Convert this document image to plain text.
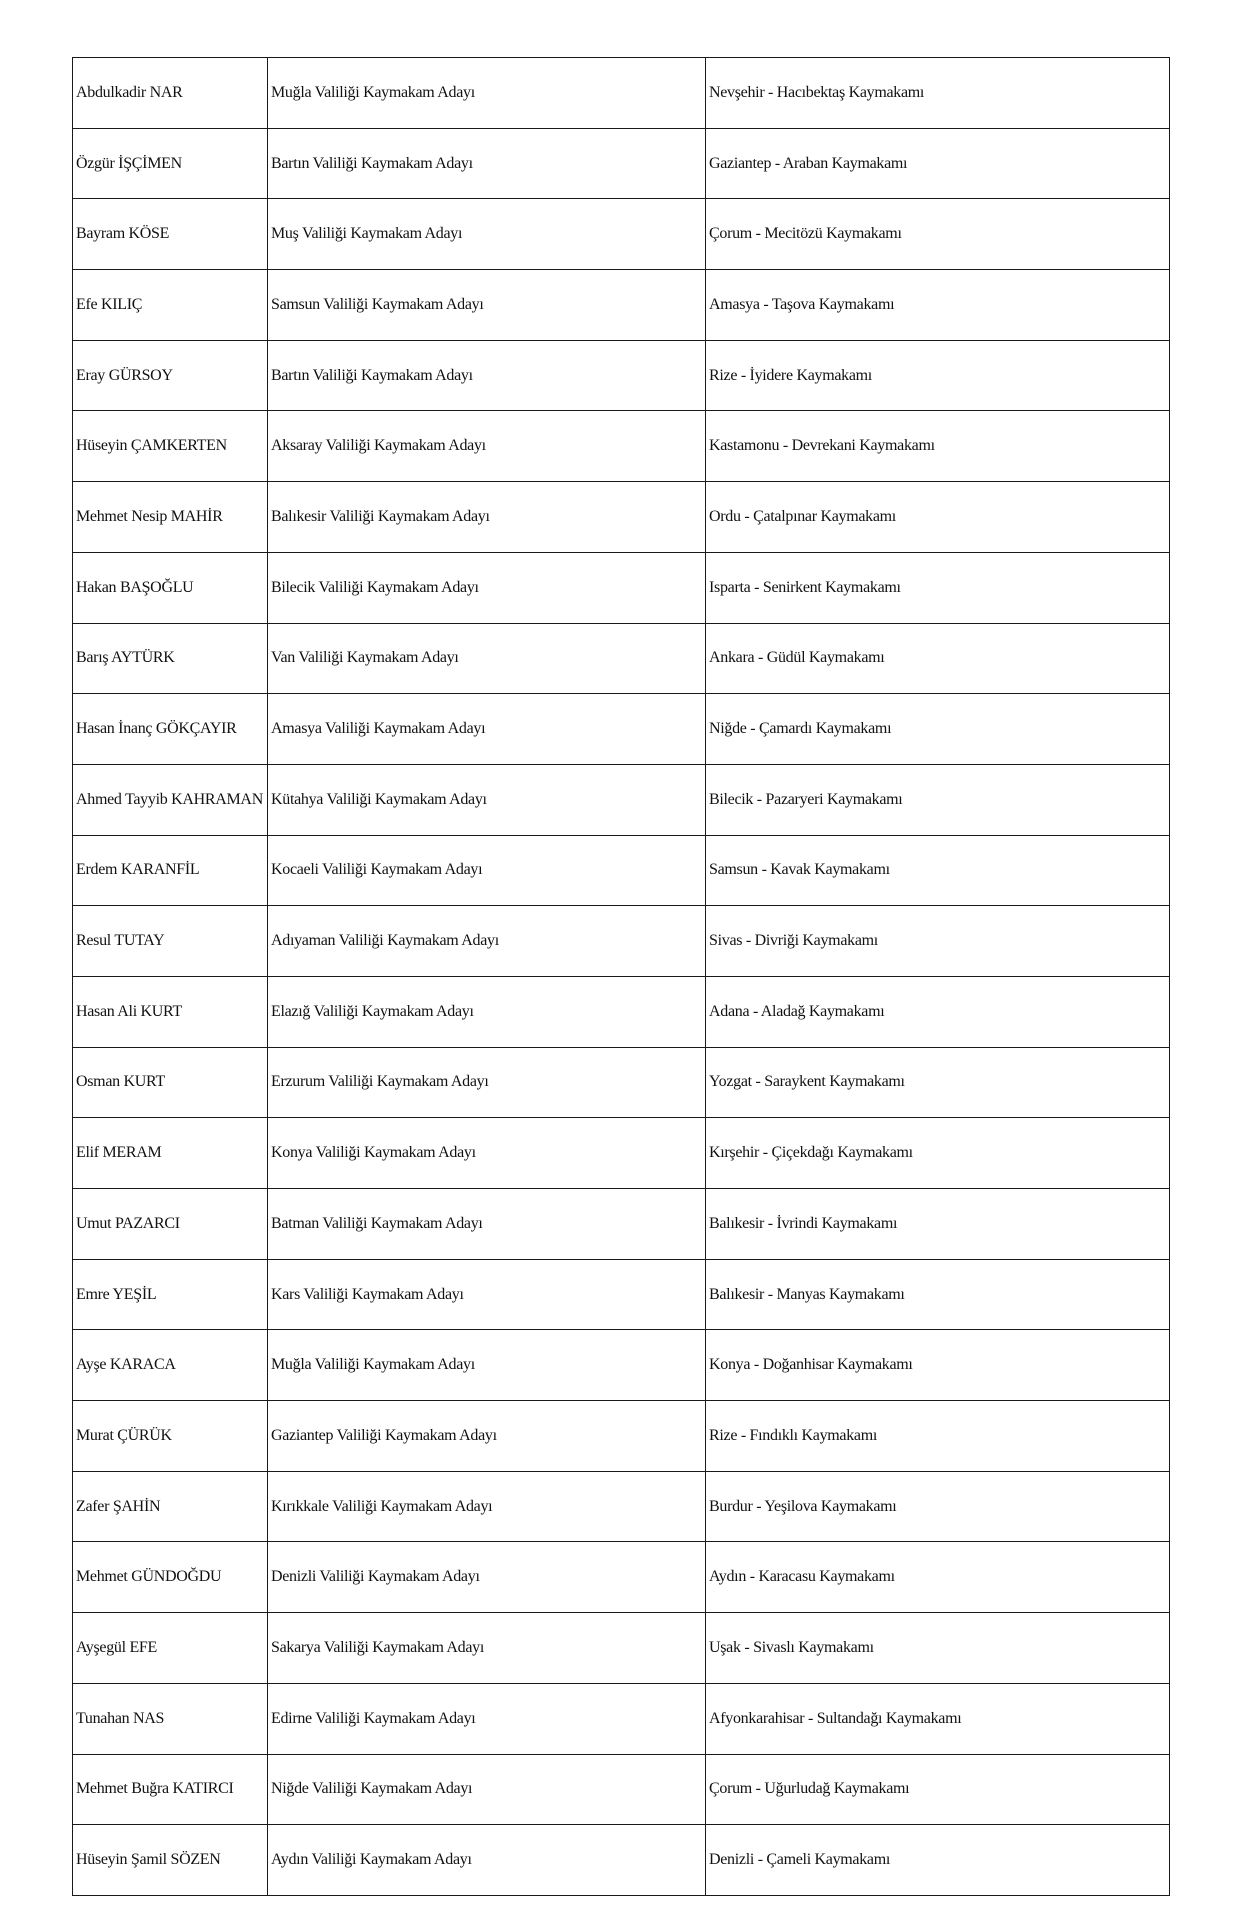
Abdulkadir NAR	Muğla Valiliği Kaymakam Adayı	Nevşehir - Hacıbektaş Kaymakamı
Özgür İŞÇİMEN	Bartın Valiliği Kaymakam Adayı	Gaziantep - Araban Kaymakamı
Bayram KÖSE	Muş Valiliği Kaymakam Adayı	Çorum - Mecitözü Kaymakamı
Efe KILIÇ	Samsun Valiliği Kaymakam Adayı	Amasya - Taşova Kaymakamı
Eray GÜRSOY	Bartın Valiliği Kaymakam Adayı	Rize - İyidere Kaymakamı
Hüseyin ÇAMKERTEN	Aksaray Valiliği Kaymakam Adayı	Kastamonu - Devrekani Kaymakamı
Mehmet Nesip MAHİR	Balıkesir Valiliği Kaymakam Adayı	Ordu - Çatalpınar Kaymakamı
Hakan BAŞOĞLU	Bilecik Valiliği Kaymakam Adayı	Isparta - Senirkent Kaymakamı
Barış AYTÜRK	Van Valiliği Kaymakam Adayı	Ankara - Güdül Kaymakamı
Hasan İnanç GÖKÇAYIR	Amasya Valiliği Kaymakam Adayı	Niğde - Çamardı Kaymakamı
Ahmed Tayyib KAHRAMAN	Kütahya Valiliği Kaymakam Adayı	Bilecik - Pazaryeri Kaymakamı
Erdem KARANFİL	Kocaeli Valiliği Kaymakam Adayı	Samsun - Kavak Kaymakamı
Resul TUTAY	Adıyaman Valiliği Kaymakam Adayı	Sivas - Divriği Kaymakamı
Hasan Ali KURT	Elazığ Valiliği Kaymakam Adayı	Adana - Aladağ Kaymakamı
Osman KURT	Erzurum Valiliği Kaymakam Adayı	Yozgat - Saraykent Kaymakamı
Elif MERAM	Konya Valiliği Kaymakam Adayı	Kırşehir - Çiçekdağı Kaymakamı
Umut PAZARCI	Batman Valiliği Kaymakam Adayı	Balıkesir - İvrindi Kaymakamı
Emre YEŞİL	Kars Valiliği Kaymakam Adayı	Balıkesir - Manyas Kaymakamı
Ayşe KARACA	Muğla Valiliği Kaymakam Adayı	Konya - Doğanhisar Kaymakamı
Murat ÇÜRÜK	Gaziantep Valiliği Kaymakam Adayı	Rize - Fındıklı Kaymakamı
Zafer ŞAHİN	Kırıkkale Valiliği Kaymakam Adayı	Burdur - Yeşilova Kaymakamı
Mehmet GÜNDOĞDU	Denizli Valiliği Kaymakam Adayı	Aydın - Karacasu Kaymakamı
Ayşegül EFE	Sakarya Valiliği Kaymakam Adayı	Uşak - Sivaslı Kaymakamı
Tunahan NAS	Edirne Valiliği Kaymakam Adayı	Afyonkarahisar - Sultandağı Kaymakamı
Mehmet Buğra KATIRCI	Niğde Valiliği Kaymakam Adayı	Çorum - Uğurludağ Kaymakamı
Hüseyin Şamil SÖZEN	Aydın Valiliği Kaymakam Adayı	Denizli - Çameli Kaymakamı
